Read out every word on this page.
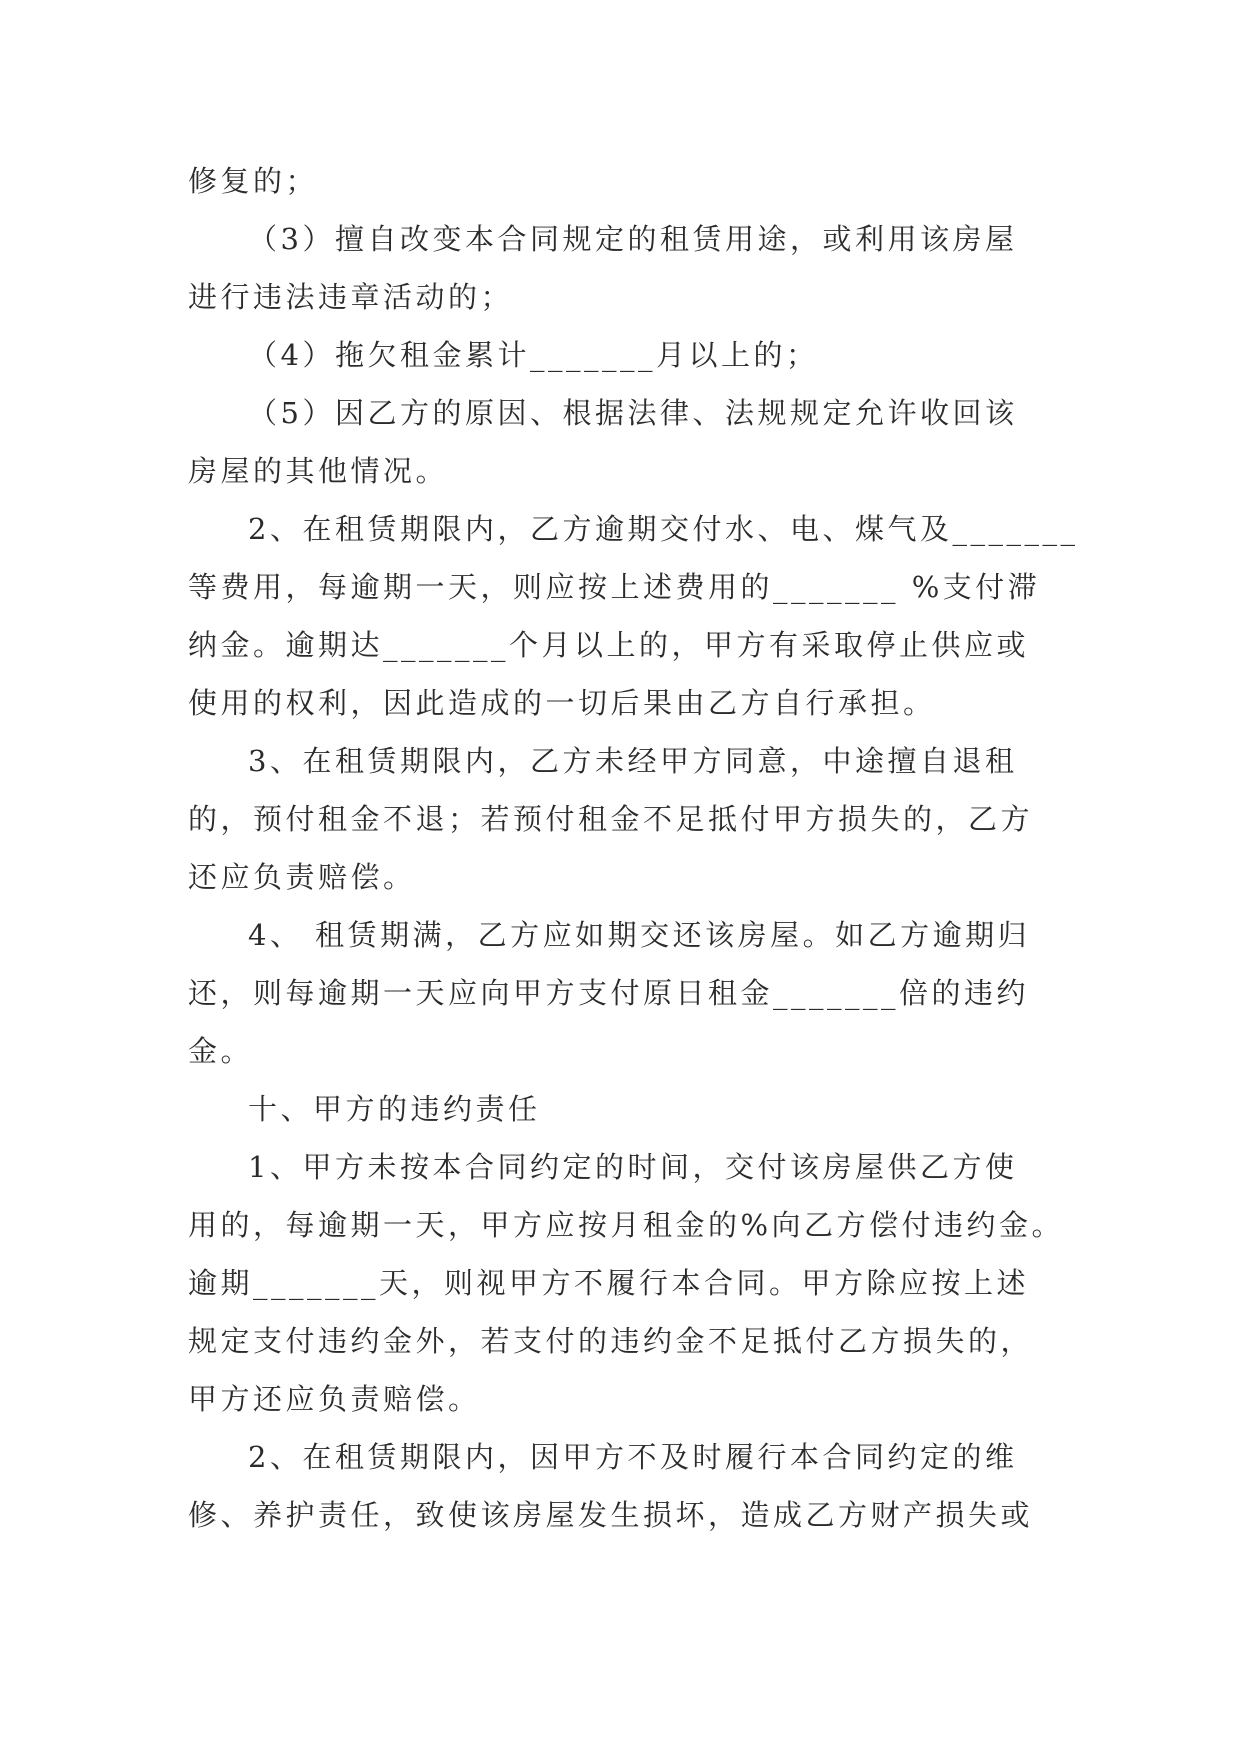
修复的；
（3）擅自改变本合同规定的租赁用途，或利用该房屋
进行违法违章活动的；
（4）拖欠租金累计_______月以上的；
（5）因乙方的原因、根据法律、法规规定允许收回该
房屋的其他情况。
2、在租赁期限内，乙方逾期交付水、电、煤气及_______
等费用，每逾期一天，则应按上述费用的_______ %支付滞
纳金。逾期达_______个月以上的，甲方有采取停止供应或
使用的权利，因此造成的一切后果由乙方自行承担。
3、在租赁期限内，乙方未经甲方同意，中途擅自退租
的，预付租金不退；若预付租金不足抵付甲方损失的，乙方
还应负责赔偿。
4、 租赁期满，乙方应如期交还该房屋。如乙方逾期归
还，则每逾期一天应向甲方支付原日租金_______倍的违约
金。
十、甲方的违约责任
1、甲方未按本合同约定的时间，交付该房屋供乙方使
用的，每逾期一天，甲方应按月租金的%向乙方偿付违约金。
逾期_______天，则视甲方不履行本合同。甲方除应按上述
规定支付违约金外，若支付的违约金不足抵付乙方损失的，
甲方还应负责赔偿。
2、在租赁期限内，因甲方不及时履行本合同约定的维
修、养护责任，致使该房屋发生损坏，造成乙方财产损失或
